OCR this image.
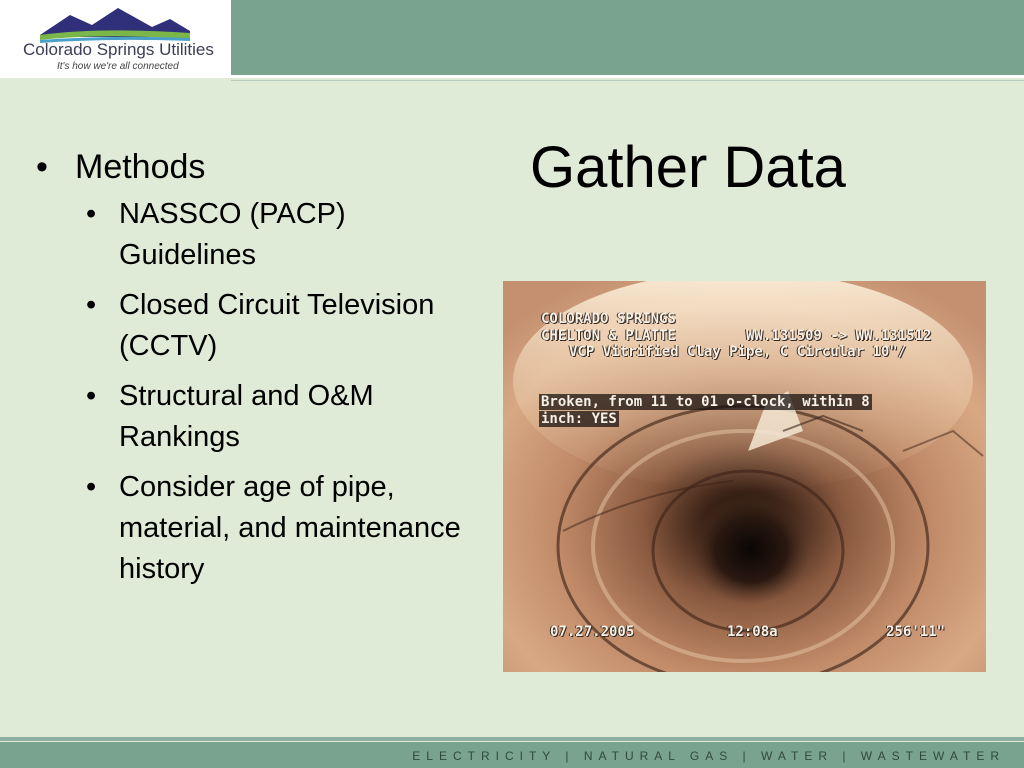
Colorado Springs Utilities
It's how we're all connected
Gather Data
• Methods
• NASSCO (PACP) Guidelines
• Closed Circuit Television (CCTV)
• Structural and O&M Rankings
• Consider age of pipe, material, and maintenance history
COLORADO SPRINGS
CHELTON & PLATTE	WW.131509 -> WW.131512
VCP Vitrified Clay Pipe, C Circular 10"/
Broken, from 11 to 01 o-clock, within 8
inch: YES
07.27.2005	12:08a	256'11"
ELECTRICITY | NATURAL GAS | WATER | WASTEWATER
